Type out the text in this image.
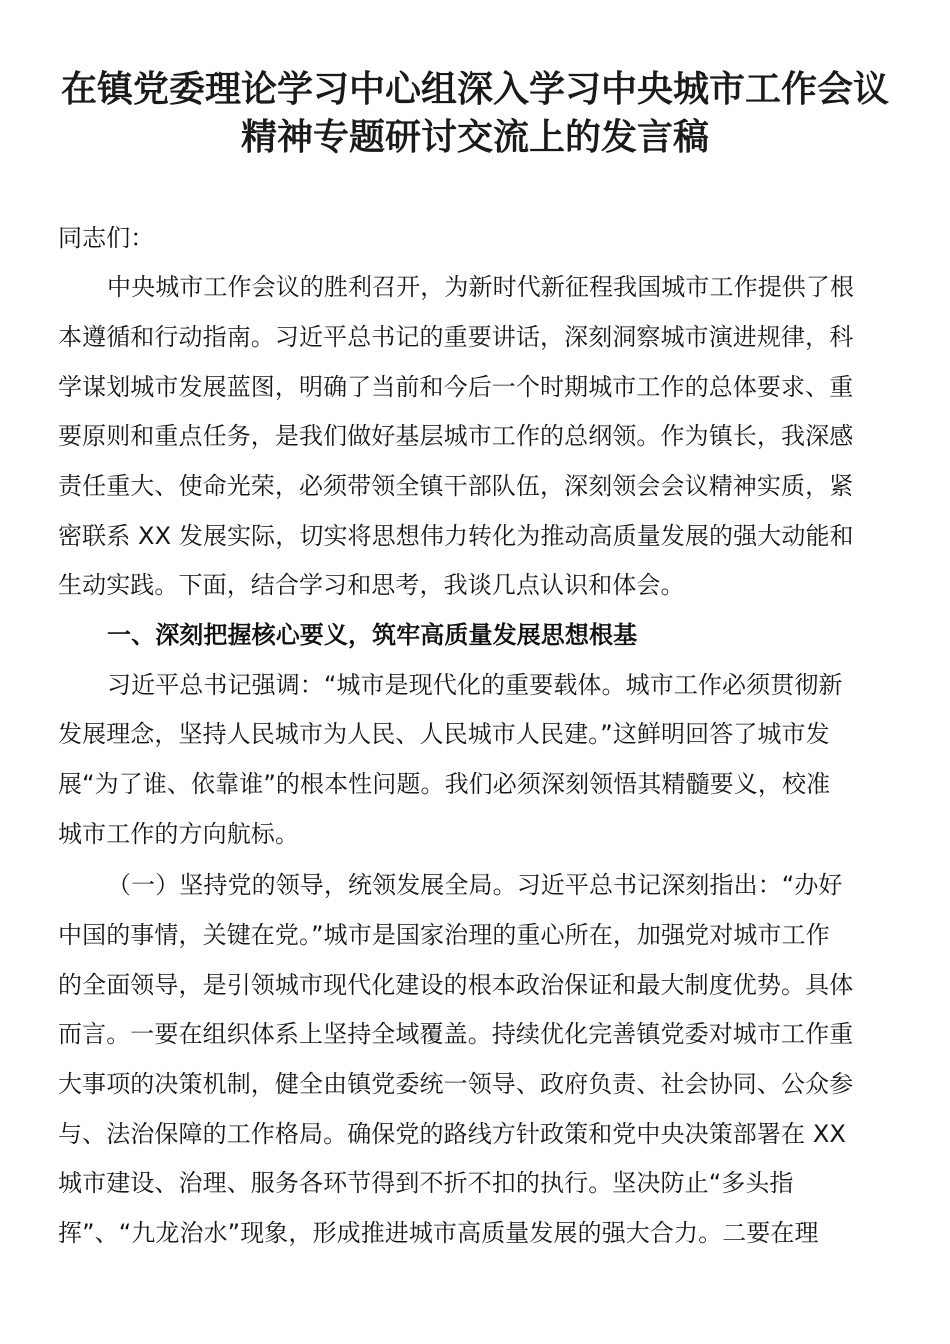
在镇党委理论学习中心组深入学习中央城市工作会议
精神专题研讨交流上的发言稿
同志们：
中央城市工作会议的胜利召开，为新时代新征程我国城市工作提供了根
本遵循和行动指南。习近平总书记的重要讲话，深刻洞察城市演进规律，科
学谋划城市发展蓝图，明确了当前和今后一个时期城市工作的总体要求、重
要原则和重点任务，是我们做好基层城市工作的总纲领。作为镇长，我深感
责任重大、使命光荣，必须带领全镇干部队伍，深刻领会会议精神实质，紧
密联系 XX 发展实际，切实将思想伟力转化为推动高质量发展的强大动能和
生动实践。下面，结合学习和思考，我谈几点认识和体会。
一、深刻把握核心要义，筑牢高质量发展思想根基
习近平总书记强调：“城市是现代化的重要载体。城市工作必须贯彻新
发展理念，坚持人民城市为人民、人民城市人民建。”这鲜明回答了城市发
展“为了谁、依靠谁”的根本性问题。我们必须深刻领悟其精髓要义，校准
城市工作的方向航标。
（一）坚持党的领导，统领发展全局。习近平总书记深刻指出：“办好
中国的事情，关键在党。”城市是国家治理的重心所在，加强党对城市工作
的全面领导，是引领城市现代化建设的根本政治保证和最大制度优势。具体
而言。一要在组织体系上坚持全域覆盖。持续优化完善镇党委对城市工作重
大事项的决策机制，健全由镇党委统一领导、政府负责、社会协同、公众参
与、法治保障的工作格局。确保党的路线方针政策和党中央决策部署在 XX
城市建设、治理、服务各环节得到不折不扣的执行。坚决防止“多头指
挥”、“九龙治水”现象，形成推进城市高质量发展的强大合力。二要在理
